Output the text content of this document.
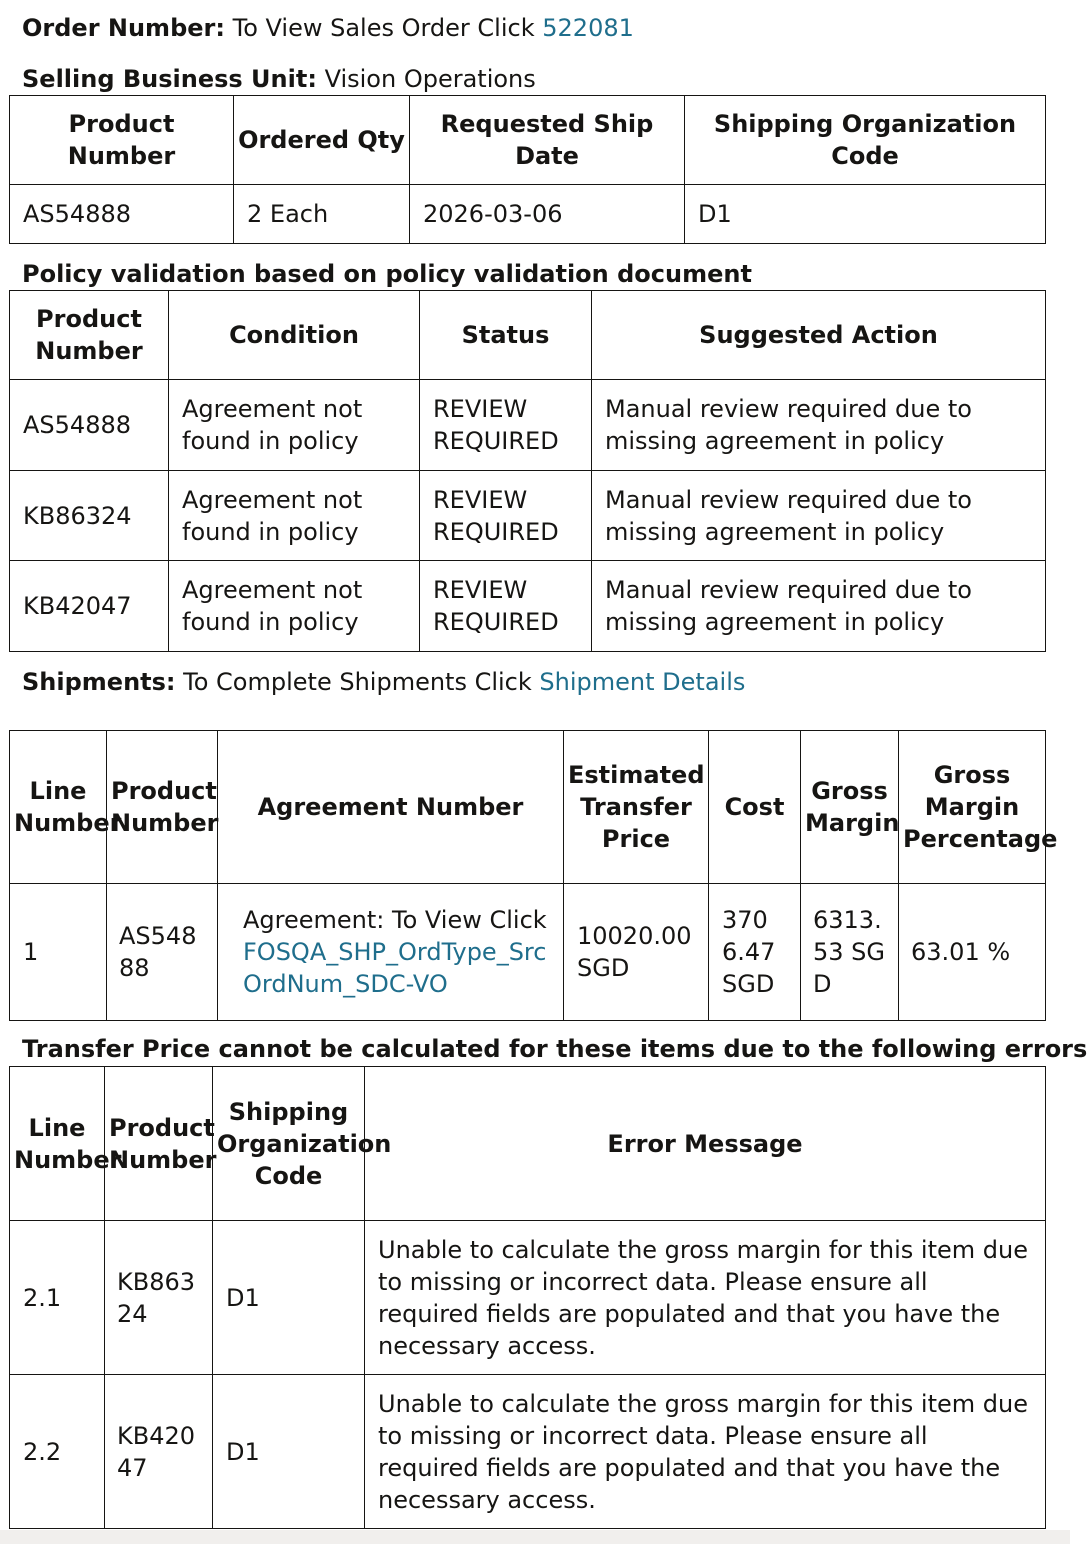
Order Number: To View Sales Order Click 522081
Selling Business Unit: Vision Operations
Product Number	Ordered Qty	Requested Ship Date	Shipping Organization Code
AS54888	2 Each	2026-03-06	D1
Policy validation based on policy validation document
Product Number	Condition	Status	Suggested Action
AS54888	Agreement not found in policy	REVIEW REQUIRED	Manual review required due to missing agreement in policy
KB86324	Agreement not found in policy	REVIEW REQUIRED	Manual review required due to missing agreement in policy
KB42047	Agreement not found in policy	REVIEW REQUIRED	Manual review required due to missing agreement in policy
Shipments: To Complete Shipments Click Shipment Details
Line Number	Product Number	Agreement Number	Estimated Transfer Price	Cost	Gross Margin	Gross Margin Percentage
1	AS54888	Agreement: To View Click FOSQA_SHP_OrdType_SrcOrdNum_SDC-VO	10020.00 SGD	3706.47 SGD	6313.53 SGD	63.01 %
Transfer Price cannot be calculated for these items due to the following errors
Line Number	Product Number	Shipping Organization Code	Error Message
2.1	KB86324	D1	Unable to calculate the gross margin for this item due to missing or incorrect data. Please ensure all required fields are populated and that you have the necessary access.
2.2	KB42047	D1	Unable to calculate the gross margin for this item due to missing or incorrect data. Please ensure all required fields are populated and that you have the necessary access.
